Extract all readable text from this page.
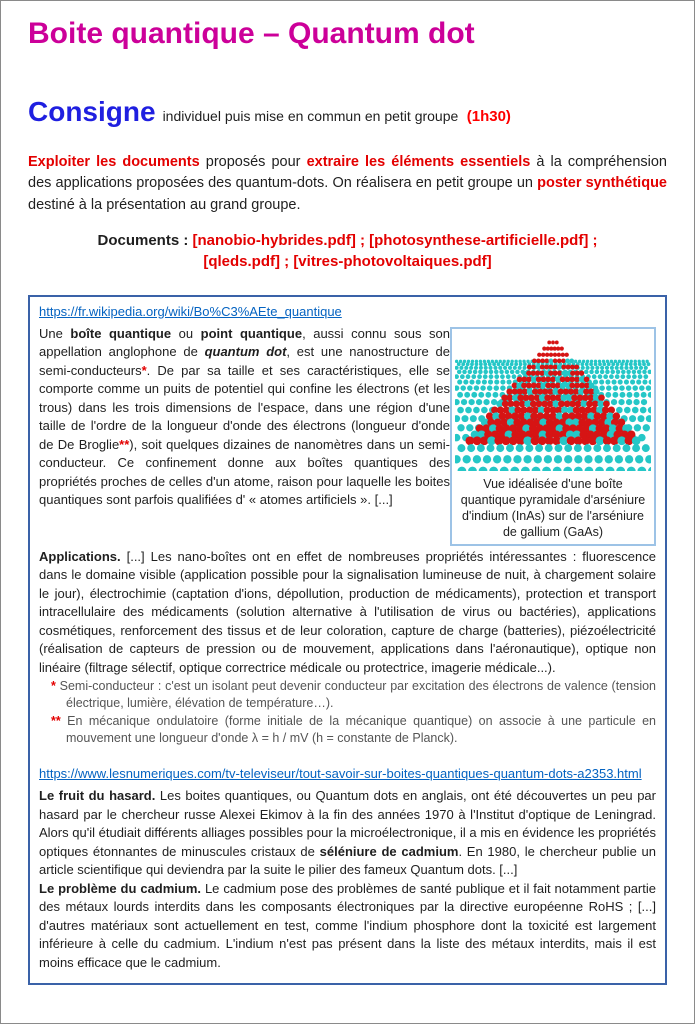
Boite quantique – Quantum dot
Consigne individuel puis mise en commun en petit groupe (1h30)

Exploiter les documents proposés pour extraire les éléments essentiels à la compréhension des applications proposées des quantum-dots. On réalisera en petit groupe un poster synthétique destiné à la présentation au grand groupe.

Documents : [nanobio-hybrides.pdf] ; [photosynthese-artificielle.pdf] ;
[qleds.pdf] ; [vitres-photovoltaiques.pdf]
https://fr.wikipedia.org/wiki/Bo%C3%AEte_quantique
Vue idéalisée d'une boîte quantique pyramidale d'arséniure d'indium (InAs) sur de l'arséniure de gallium (GaAs)

Une boîte quantique ou point quantique, aussi connu sous son appellation anglophone de quantum dot, est une nanostructure de semi-conducteurs*. De par sa taille et ses caractéristiques, elle se comporte comme un puits de potentiel qui confine les électrons (et les trous) dans les trois dimensions de l'espace, dans une région d'une taille de l'ordre de la longueur d'onde des électrons (longueur d'onde de De Broglie**), soit quelques dizaines de nanomètres dans un semi-conducteur. Ce confinement donne aux boîtes quantiques des propriétés proches de celles d'un atome, raison pour laquelle les boites quantiques sont parfois qualifiées d' « atomes artificiels ». [...]

Applications. [...] Les nano-boîtes ont en effet de nombreuses propriétés intéressantes : fluorescence dans le domaine visible (application possible pour la signalisation lumineuse de nuit, à chargement solaire le jour), électrochimie (captation d'ions, dépollution, production de médicaments), protection et transport intracellulaire des médicaments (solution alternative à l'utilisation de virus ou bactéries), applications cosmétiques, renforcement des tissus et de leur coloration, capture de charge (batteries), piézoélectricité (réalisation de capteurs de pression ou de mouvement, applications dans l'aéronautique), optique non linéaire (filtrage sélectif, optique correctrice médicale ou protectrice, imagerie médicale...).

* Semi-conducteur : c'est un isolant peut devenir conducteur par excitation des électrons de valence (tension électrique, lumière, élévation de température…).

** En mécanique ondulatoire (forme initiale de la mécanique quantique) on associe à une particule en mouvement une longueur d'onde λ = h / mV (h = constante de Planck).

https://www.lesnumeriques.com/tv-televiseur/tout-savoir-sur-boites-quantiques-quantum-dots-a2353.html

Le fruit du hasard. Les boites quantiques, ou Quantum dots en anglais, ont été découvertes un peu par hasard par le chercheur russe Alexei Ekimov à la fin des années 1970 à l'Institut d'optique de Leningrad. Alors qu'il étudiait différents alliages possibles pour la microélectronique, il a mis en évidence les propriétés optiques étonnantes de minuscules cristaux de séléniure de cadmium. En 1980, le chercheur publie un article scientifique qui deviendra par la suite le pilier des fameux Quantum dots. [...]

Le problème du cadmium. Le cadmium pose des problèmes de santé publique et il fait notamment partie des métaux lourds interdits dans les composants électroniques par la directive européenne RoHS ; [...] d'autres matériaux sont actuellement en test, comme l'indium phosphore dont la toxicité est largement inférieure à celle du cadmium. L'indium n'est pas présent dans la liste des métaux interdits, mais il est moins efficace que le cadmium.
